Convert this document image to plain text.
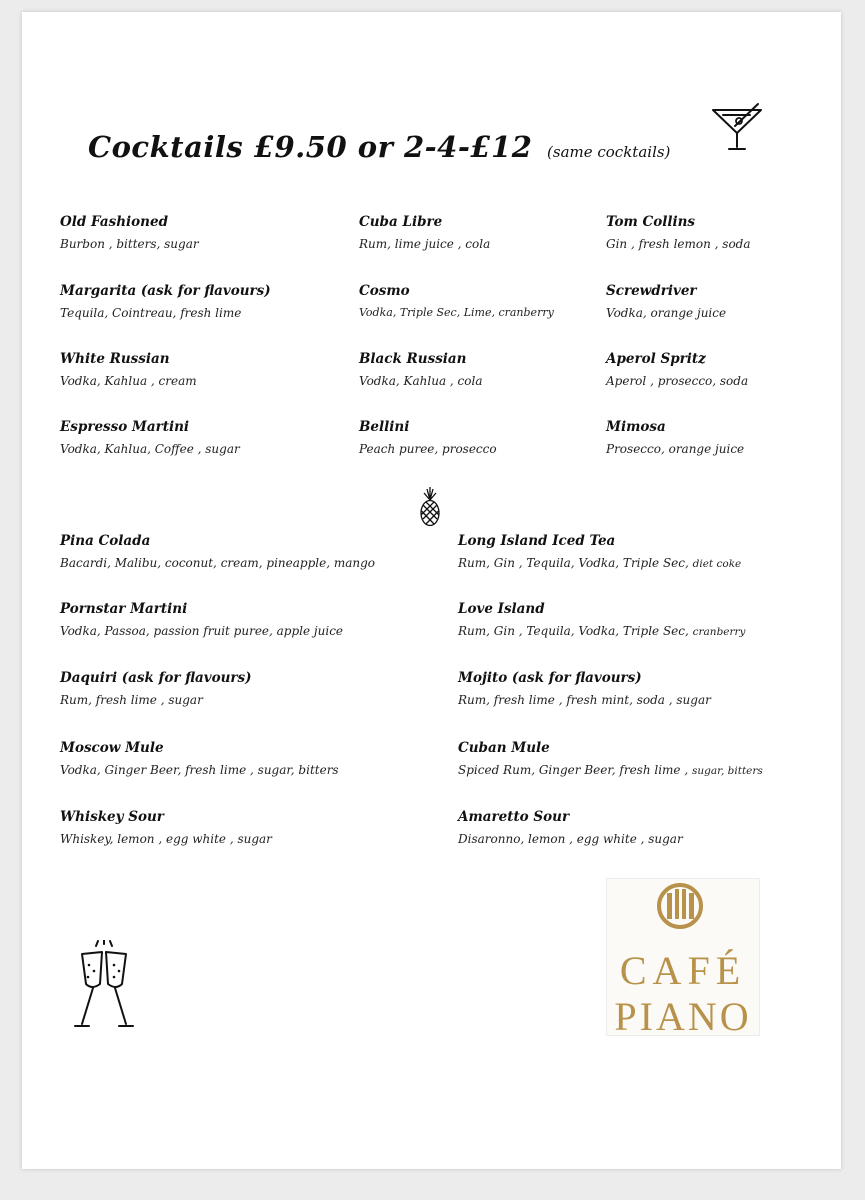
Cocktails £9.50 or 2-4-£12 (same cocktails)
Old Fashioned
Burbon , bitters, sugar
Cuba Libre
Rum, lime juice , cola
Tom Collins
Gin , fresh lemon , soda
Margarita (ask for flavours)
Tequila, Cointreau, fresh lime
Cosmo
Vodka, Triple Sec, Lime, cranberry
Screwdriver
Vodka, orange juice
White Russian
Vodka, Kahlua , cream
Black Russian
Vodka, Kahlua , cola
Aperol Spritz
Aperol , prosecco, soda
Espresso Martini
Vodka, Kahlua, Coffee , sugar
Bellini
Peach puree, prosecco
Mimosa
Prosecco, orange juice
Pina Colada
Bacardi, Malibu, coconut, cream, pineapple, mango
Long Island Iced Tea
Rum, Gin , Tequila, Vodka, Triple Sec, diet coke
Pornstar Martini
Vodka, Passoa, passion fruit puree, apple juice
Love Island
Rum, Gin , Tequila, Vodka, Triple Sec, cranberry
Daquiri (ask for flavours)
Rum, fresh lime , sugar
Mojito (ask for flavours)
Rum, fresh lime , fresh mint, soda , sugar
Moscow Mule
Vodka, Ginger Beer, fresh lime , sugar, bitters
Cuban Mule
Spiced Rum, Ginger Beer, fresh lime , sugar, bitters
Whiskey Sour
Whiskey, lemon , egg white , sugar
Amaretto Sour
Disaronno, lemon , egg white , sugar
CAFÉ
PIANO
